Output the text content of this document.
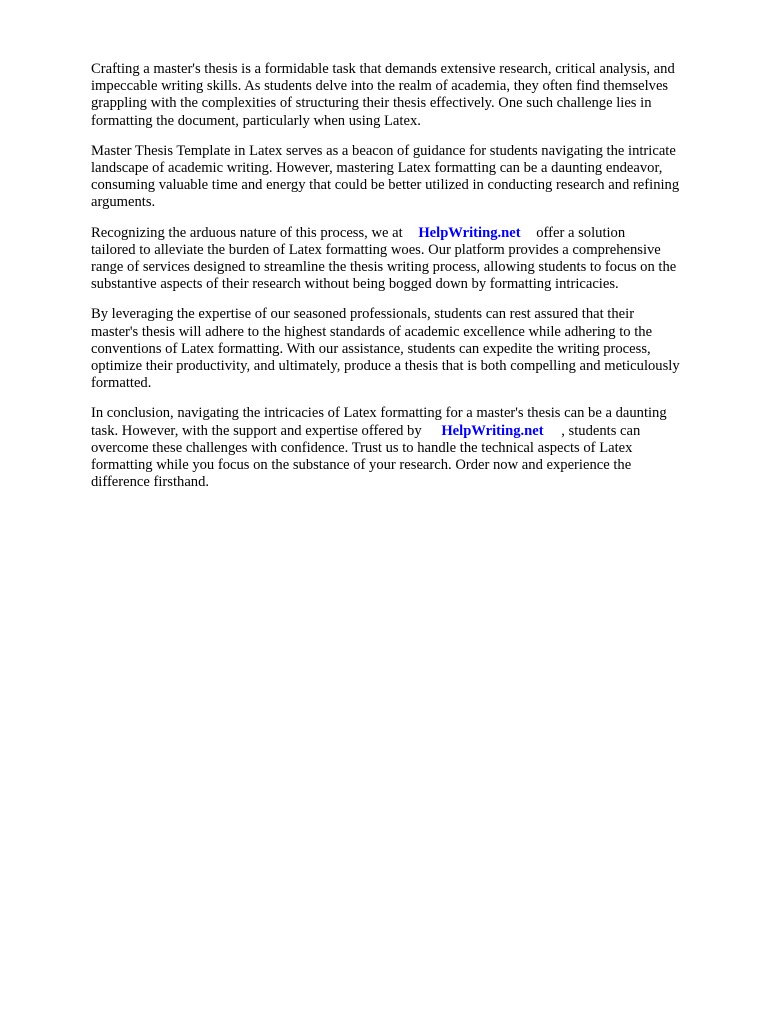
Crafting a master's thesis is a formidable task that demands extensive research, critical analysis, and
impeccable writing skills. As students delve into the realm of academia, they often find themselves
grappling with the complexities of structuring their thesis effectively. One such challenge lies in
formatting the document, particularly when using Latex.

Master Thesis Template in Latex serves as a beacon of guidance for students navigating the intricate
landscape of academic writing. However, mastering Latex formatting can be a daunting endeavor,
consuming valuable time and energy that could be better utilized in conducting research and refining
arguments.

Recognizing the arduous nature of this process, we at HelpWriting.net offer a solution
tailored to alleviate the burden of Latex formatting woes. Our platform provides a comprehensive
range of services designed to streamline the thesis writing process, allowing students to focus on the
substantive aspects of their research without being bogged down by formatting intricacies.

By leveraging the expertise of our seasoned professionals, students can rest assured that their
master's thesis will adhere to the highest standards of academic excellence while adhering to the
conventions of Latex formatting. With our assistance, students can expedite the writing process,
optimize their productivity, and ultimately, produce a thesis that is both compelling and meticulously
formatted.

In conclusion, navigating the intricacies of Latex formatting for a master's thesis can be a daunting
task. However, with the support and expertise offered by HelpWriting.net , students can
overcome these challenges with confidence. Trust us to handle the technical aspects of Latex
formatting while you focus on the substance of your research. Order now and experience the
difference firsthand.
